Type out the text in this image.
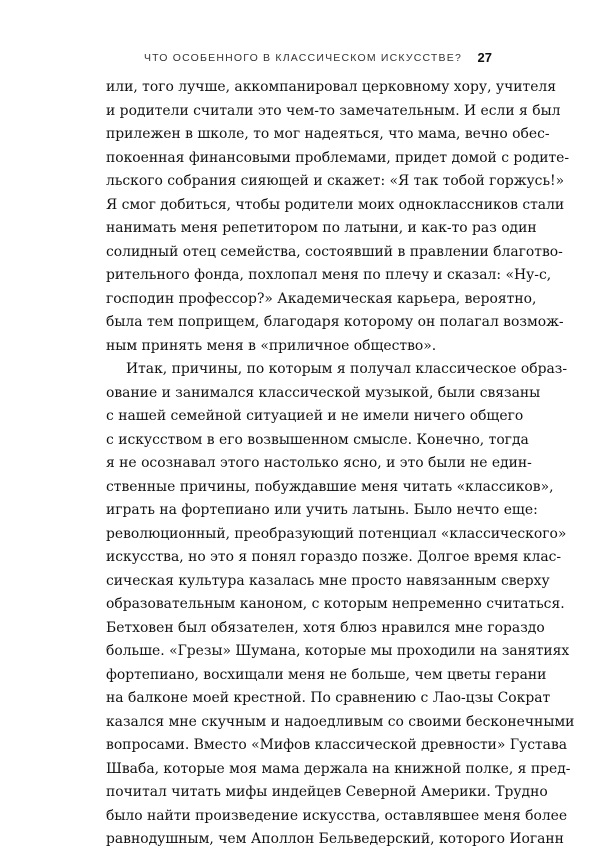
ЧТО ОСОБЕННОГО В КЛАССИЧЕСКОМ ИСКУССТВЕ? 27
или, того лучше, аккомпанировал церковному хору, учителя
и родители считали это чем-то замечательным. И если я был
прилежен в школе, то мог надеяться, что мама, вечно обес-
покоенная финансовыми проблемами, придет домой с родите-
льского собрания сияющей и скажет: «Я так тобой горжусь!»
Я смог добиться, чтобы родители моих одноклассников стали
нанимать меня репетитором по латыни, и как-то раз один
солидный отец семейства, состоявший в правлении благотво-
рительного фонда, похлопал меня по плечу и сказал: «Ну-с,
господин профессор?» Академическая карьера, вероятно,
была тем поприщем, благодаря которому он полагал возмож-
ным принять меня в «приличное общество».
Итак, причины, по которым я получал классическое образ-
ование и занимался классической музыкой, были связаны
с нашей семейной ситуацией и не имели ничего общего
с искусством в его возвышенном смысле. Конечно, тогда
я не осознавал этого настолько ясно, и это были не един-
ственные причины, побуждавшие меня читать «классиков»,
играть на фортепиано или учить латынь. Было нечто еще:
революционный, преобразующий потенциал «классического»
искусства, но это я понял гораздо позже. Долгое время клас-
сическая культура казалась мне просто навязанным сверху
образовательным каноном, с которым непременно считаться.
Бетховен был обязателен, хотя блюз нравился мне гораздо
больше. «Грезы» Шумана, которые мы проходили на занятиях
фортепиано, восхищали меня не больше, чем цветы герани
на балконе моей крестной. По сравнению с Лао-цзы Сократ
казался мне скучным и надоедливым со своими бесконечными
вопросами. Вместо «Мифов классической древности» Густава
Шваба, которые моя мама держала на книжной полке, я пред-
почитал читать мифы индейцев Северной Америки. Трудно
было найти произведение искусства, оставлявшее меня более
равнодушным, чем Аполлон Бельведерский, которого Иоганн
